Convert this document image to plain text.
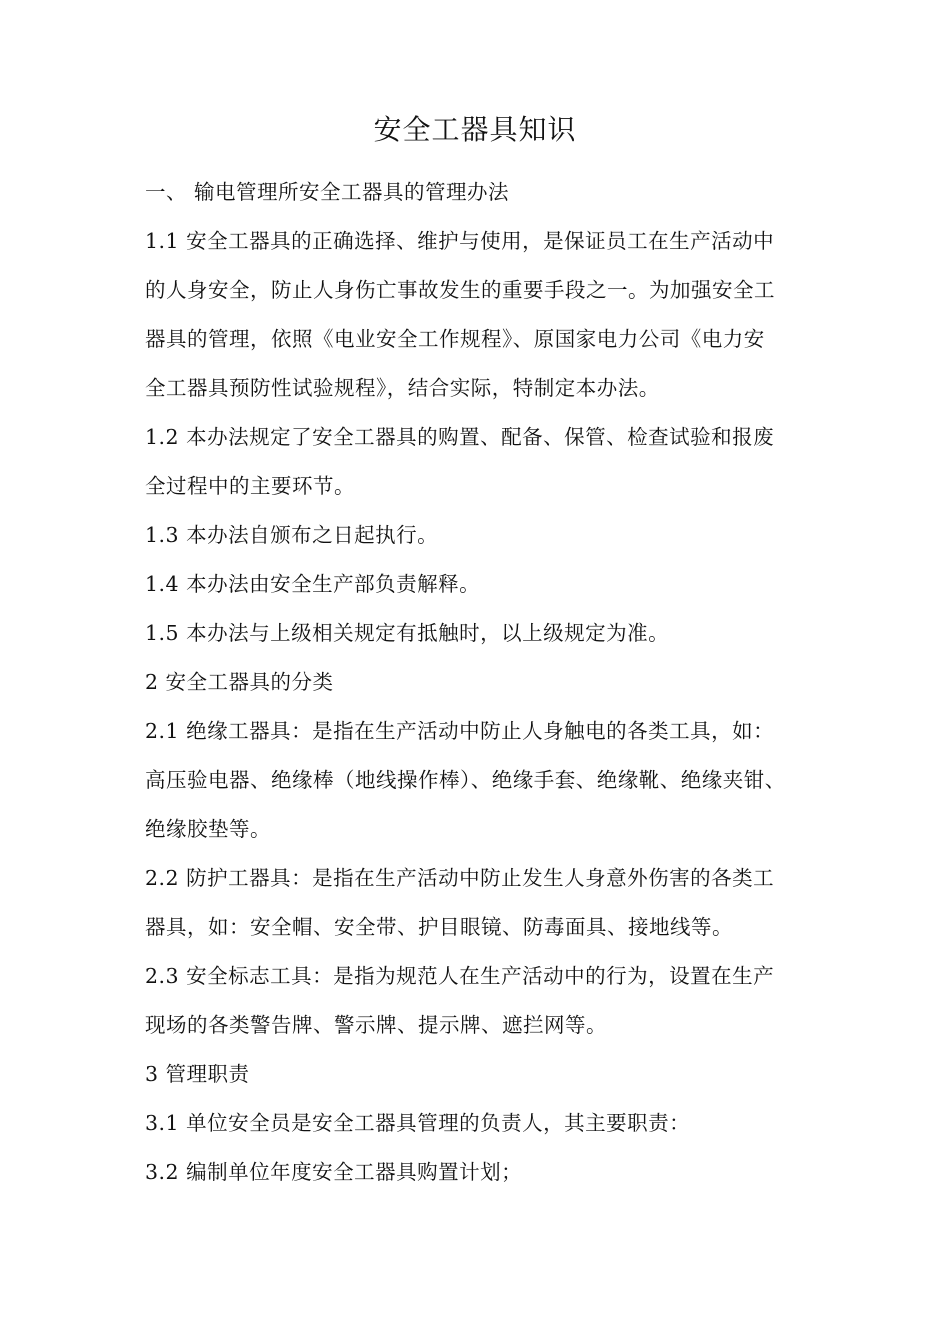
安全工器具知识

一、 输电管理所安全工器具的管理办法

1.1 安全工器具的正确选择、维护与使用，是保证员工在生产活动中

的人身安全，防止人身伤亡事故发生的重要手段之一。为加强安全工

器具的管理，依照《电业安全工作规程》、原国家电力公司《电力安

全工器具预防性试验规程》，结合实际，特制定本办法。

1.2 本办法规定了安全工器具的购置、配备、保管、检查试验和报废

全过程中的主要环节。

1.3 本办法自颁布之日起执行。

1.4 本办法由安全生产部负责解释。

1.5 本办法与上级相关规定有抵触时，以上级规定为准。

2 安全工器具的分类

2.1 绝缘工器具：是指在生产活动中防止人身触电的各类工具，如：

高压验电器、绝缘棒（地线操作棒）、绝缘手套、绝缘靴、绝缘夹钳、

绝缘胶垫等。

2.2 防护工器具：是指在生产活动中防止发生人身意外伤害的各类工

器具，如：安全帽、安全带、护目眼镜、防毒面具、接地线等。

2.3 安全标志工具：是指为规范人在生产活动中的行为，设置在生产

现场的各类警告牌、警示牌、提示牌、遮拦网等。

3 管理职责

3.1 单位安全员是安全工器具管理的负责人，其主要职责：

3.2 编制单位年度安全工器具购置计划；
